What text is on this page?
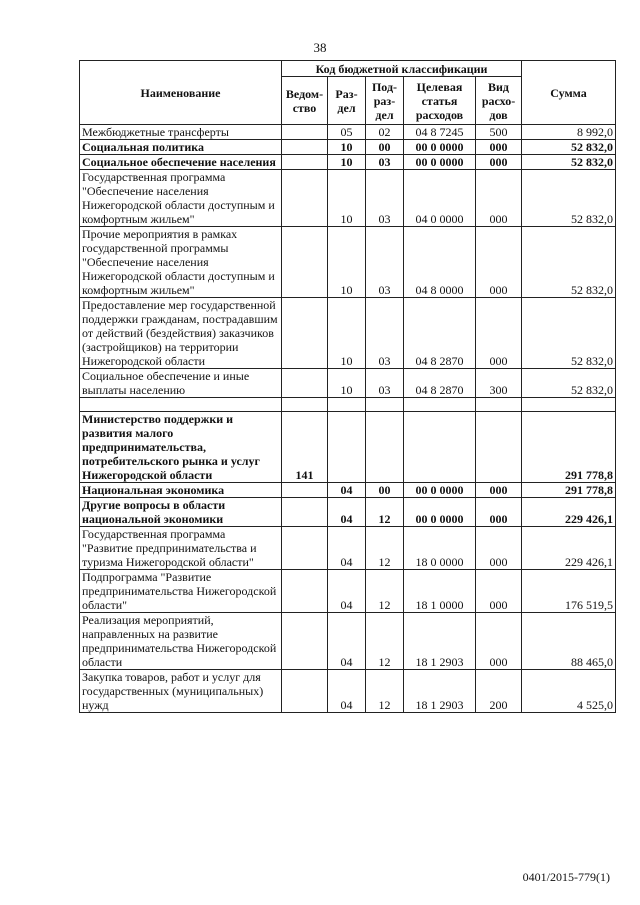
38
Наименование	Код бюджетной классификации					Сумма
	Ведом-ство	Раз-дел	Под-раз-дел	Целевая статья расходов	Вид расхо-дов	
Межбюджетные трансферты		05	02	04 8 7245	500	8 992,0
Социальная политика		10	00	00 0 0000	000	52 832,0
Социальное обеспечение населения		10	03	00 0 0000	000	52 832,0
Государственная программа "Обеспечение населения Нижегородской области доступным и комфортным жильем"		10	03	04 0 0000	000	52 832,0
Прочие мероприятия в рамках государственной программы "Обеспечение населения Нижегородской области доступным и комфортным жильем"		10	03	04 8 0000	000	52 832,0
Предоставление мер государственной поддержки гражданам, пострадавшим от действий (бездействия) заказчиков (застройщиков) на территории Нижегородской области		10	03	04 8 2870	000	52 832,0
Социальное обеспечение и иные выплаты населению		10	03	04 8 2870	300	52 832,0

Министерство поддержки и развития малого предпринимательства, потребительского рынка и услуг Нижегородской области	141					291 778,8
Национальная экономика		04	00	00 0 0000	000	291 778,8
Другие вопросы в области национальной экономики		04	12	00 0 0000	000	229 426,1
Государственная программа "Развитие предпринимательства и туризма Нижегородской области"		04	12	18 0 0000	000	229 426,1
Подпрограмма "Развитие предпринимательства Нижегородской области"		04	12	18 1 0000	000	176 519,5
Реализация мероприятий, направленных на развитие предпринимательства Нижегородской области		04	12	18 1 2903	000	88 465,0
Закупка товаров, работ и услуг для государственных (муниципальных) нужд		04	12	18 1 2903	200	4 525,0
0401/2015-779(1)
